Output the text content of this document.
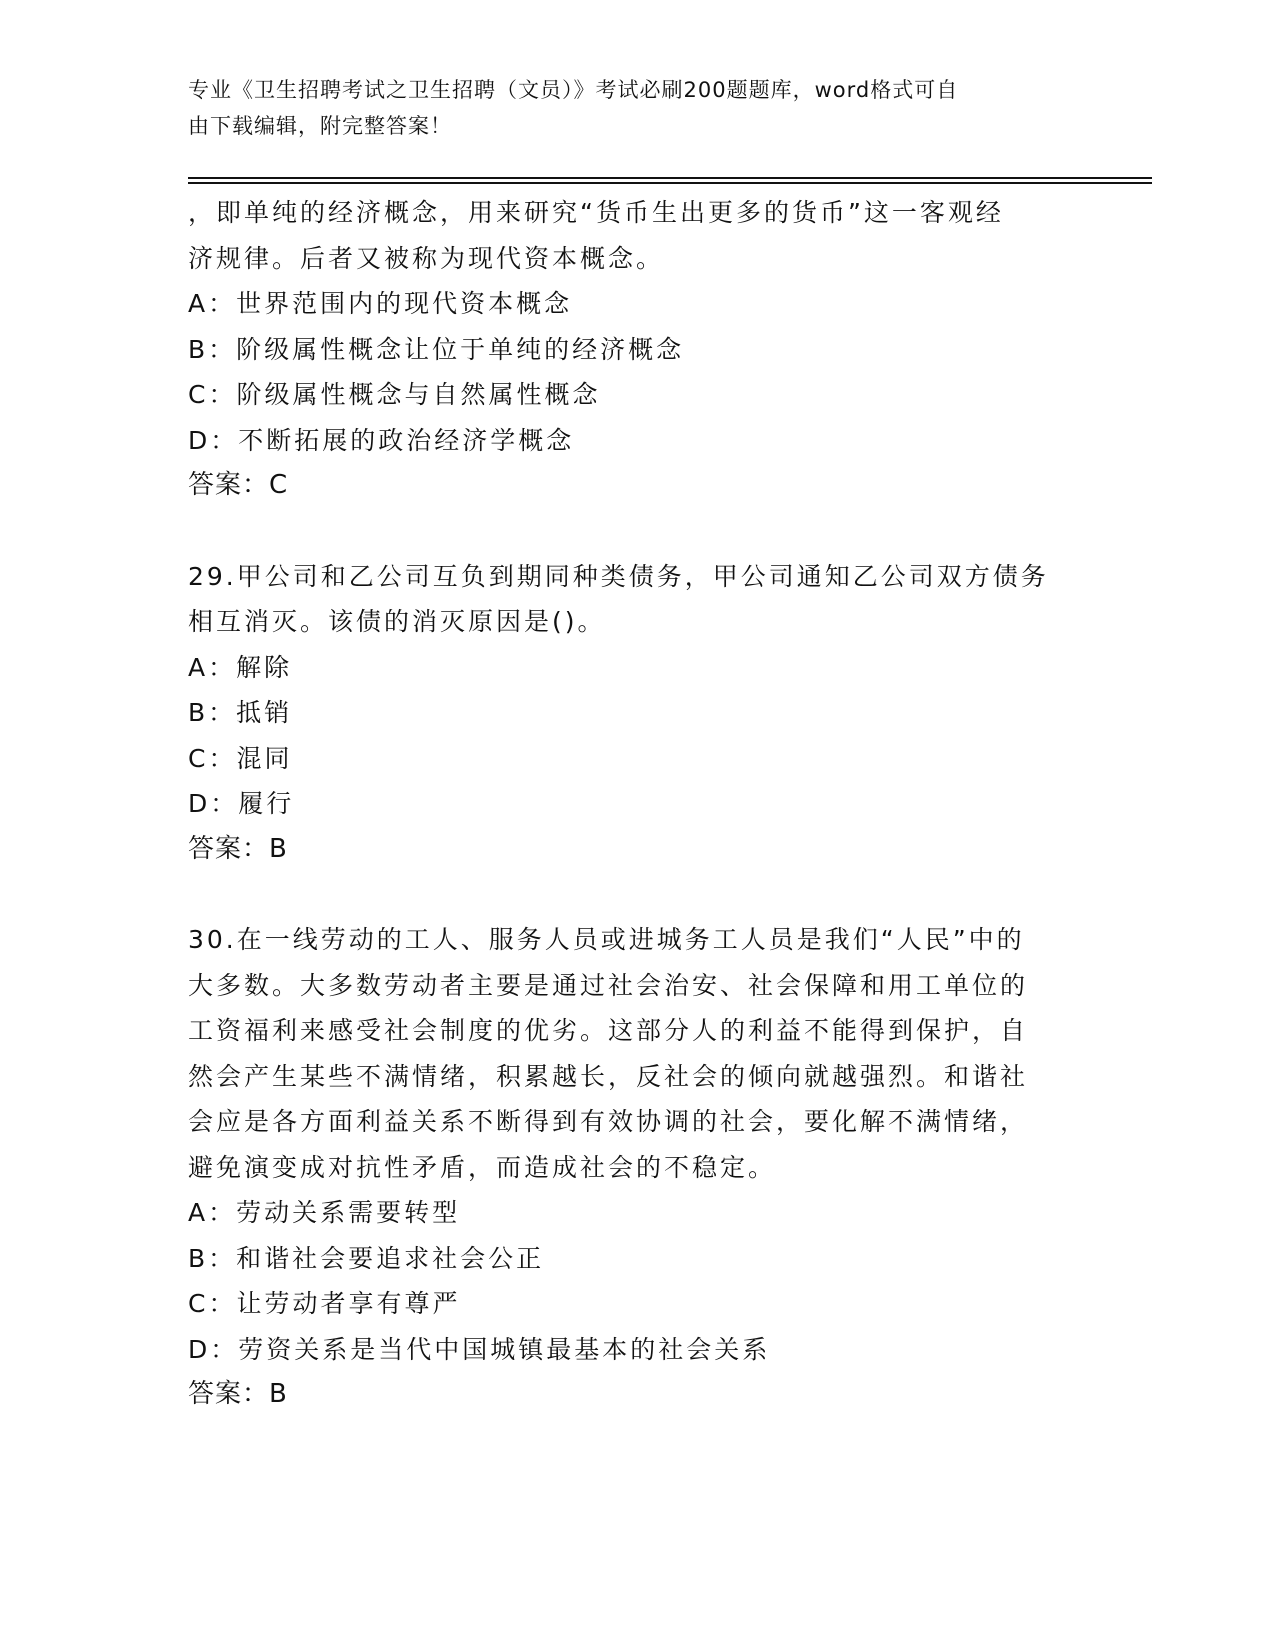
专业《卫生招聘考试之卫生招聘（文员）》考试必刷200题题库，word格式可自
由下载编辑，附完整答案！
，即单纯的经济概念，用来研究“货币生出更多的货币”这一客观经
济规律。后者又被称为现代资本概念。
A：世界范围内的现代资本概念
B：阶级属性概念让位于单纯的经济概念
C：阶级属性概念与自然属性概念
D：不断拓展的政治经济学概念
答案：C
29.甲公司和乙公司互负到期同种类债务，甲公司通知乙公司双方债务
相互消灭。该债的消灭原因是()。
A：解除
B：抵销
C：混同
D：履行
答案：B
30.在一线劳动的工人、服务人员或进城务工人员是我们“人民”中的
大多数。大多数劳动者主要是通过社会治安、社会保障和用工单位的
工资福利来感受社会制度的优劣。这部分人的利益不能得到保护，自
然会产生某些不满情绪，积累越长，反社会的倾向就越强烈。和谐社
会应是各方面利益关系不断得到有效协调的社会，要化解不满情绪，
避免演变成对抗性矛盾，而造成社会的不稳定。
A：劳动关系需要转型
B：和谐社会要追求社会公正
C：让劳动者享有尊严
D：劳资关系是当代中国城镇最基本的社会关系
答案：B
